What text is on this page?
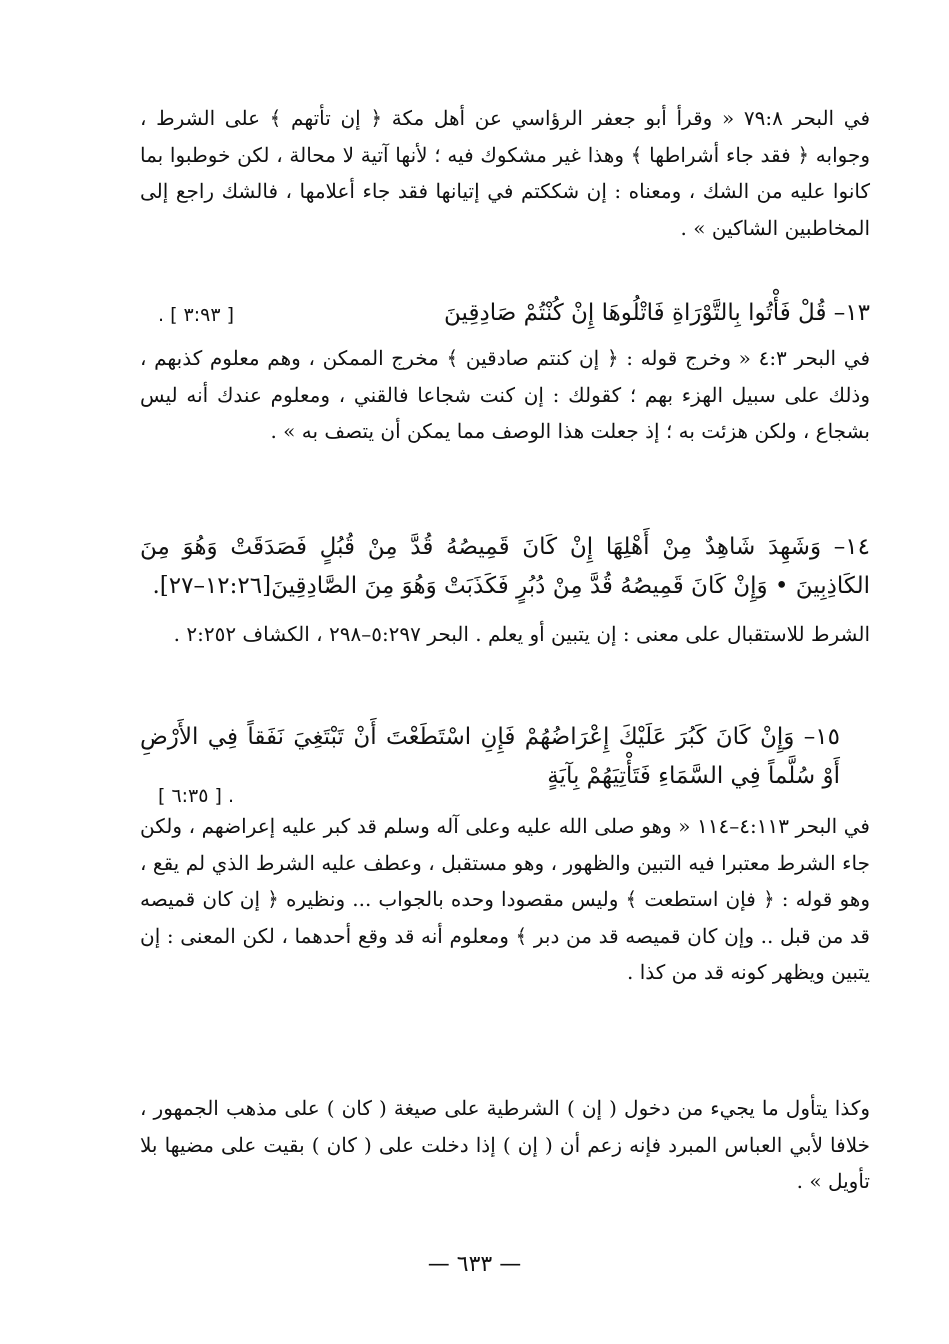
في البحر ٧٩:٨ « وقرأ أبو جعفر الرؤاسي عن أهل مكة ﴿ إن تأتهم ﴾ على الشرط ، وجوابه ﴿ فقد جاء أشراطها ﴾ وهذا غير مشكوك فيه ؛ لأنها آتية لا محالة ، لكن خوطبوا بما كانوا عليه من الشك ، ومعناه : إن شككتم في إتيانها فقد جاء أعلامها ، فالشك راجع إلى المخاطبين الشاكين » .

١٣– قُلْ فَأْتُوا بِالتَّوْرَاةِ فَاتْلُوهَا إِنْ كُنْتُمْ صَادِقِينَ
[ ٣:٩٣ ] .

في البحر ٤:٣ « وخرج قوله : ﴿ إن كنتم صادقين ﴾ مخرج الممكن ، وهم معلوم كذبهم ، وذلك على سبيل الهزء بهم ؛ كقولك : إن كنت شجاعا فالقني ، ومعلوم عندك أنه ليس بشجاع ، ولكن هزئت به ؛ إذ جعلت هذا الوصف مما يمكن أن يتصف به » .

١٤– وَشَهِدَ شَاهِدٌ مِنْ أَهْلِهَا إِنْ كَانَ قَمِيصُهُ قُدَّ مِنْ قُبُلٍ فَصَدَقَتْ وَهُوَ مِنَ الكَاذِبِينَ • وَإِنْ كَانَ قَمِيصُهُ قُدَّ مِنْ دُبُرٍ فَكَذَبَتْ وَهُوَ مِنَ الصَّادِقِينَ[١٢:٢٦–٢٧].

الشرط للاستقبال على معنى : إن يتبين أو يعلم . البحر ٥:٢٩٧–٢٩٨ ، الكشاف ٢:٢٥٢ .

١٥– وَإِنْ كَانَ كَبُرَ عَلَيْكَ إِعْرَاضُهُمْ فَإِنِ اسْتَطَعْتَ أَنْ تَبْتَغِيَ نَفَقاً فِي الأَرْضِ أَوْ سُلَّماً فِي السَّمَاءِ فَتَأْتِيَهُمْ بِآيَةٍ

[ ٦:٣٥ ] .

في البحر ٤:١١٣–١١٤ « وهو صلى الله عليه وعلى آله وسلم قد كبر عليه إعراضهم ، ولكن جاء الشرط معتبرا فيه التبين والظهور ، وهو مستقبل ، وعطف عليه الشرط الذي لم يقع ، وهو قوله : ﴿ فإن استطعت ﴾ وليس مقصودا وحده بالجواب ... ونظيره ﴿ إن كان قميصه قد من قبل .. وإن كان قميصه قد من دبر ﴾ ومعلوم أنه قد وقع أحدهما ، لكن المعنى : إن يتبين ويظهر كونه قد من كذا .

وكذا يتأول ما يجيء من دخول ( إن ) الشرطية على صيغة ( كان ) على مذهب الجمهور ، خلافا لأبي العباس المبرد فإنه زعم أن ( إن ) إذا دخلت على ( كان ) بقيت على مضيها بلا تأويل » .

— ٦٣٣ —
